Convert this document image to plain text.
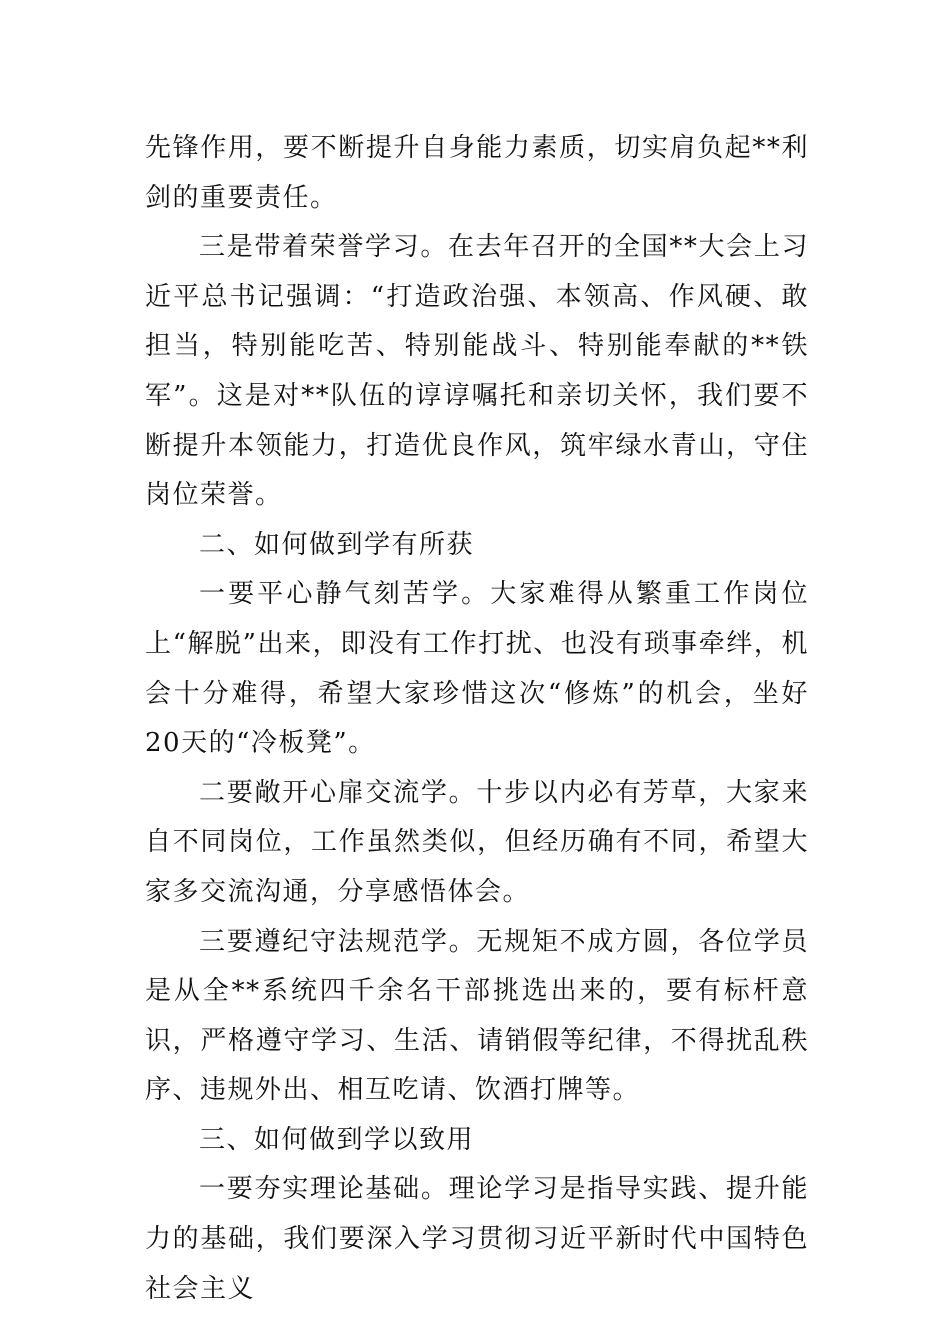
先锋作用，要不断提升自身能力素质，切实肩负起**利剑的重要责任。

三是带着荣誉学习。在去年召开的全国**大会上习近平总书记强调：“打造政治强、本领高、作风硬、敢担当，特别能吃苦、特别能战斗、特别能奉献的**铁军”。这是对**队伍的谆谆嘱托和亲切关怀，我们要不断提升本领能力，打造优良作风，筑牢绿水青山，守住岗位荣誉。

二、如何做到学有所获

一要平心静气刻苦学。大家难得从繁重工作岗位上“解脱”出来，即没有工作打扰、也没有琐事牵绊，机会十分难得，希望大家珍惜这次“修炼”的机会，坐好20天的“冷板凳”。

二要敞开心扉交流学。十步以内必有芳草，大家来自不同岗位，工作虽然类似，但经历确有不同，希望大家多交流沟通，分享感悟体会。

三要遵纪守法规范学。无规矩不成方圆，各位学员是从全**系统四千余名干部挑选出来的，要有标杆意识，严格遵守学习、生活、请销假等纪律，不得扰乱秩序、违规外出、相互吃请、饮酒打牌等。

三、如何做到学以致用

一要夯实理论基础。理论学习是指导实践、提升能力的基础，我们要深入学习贯彻习近平新时代中国特色社会主义
